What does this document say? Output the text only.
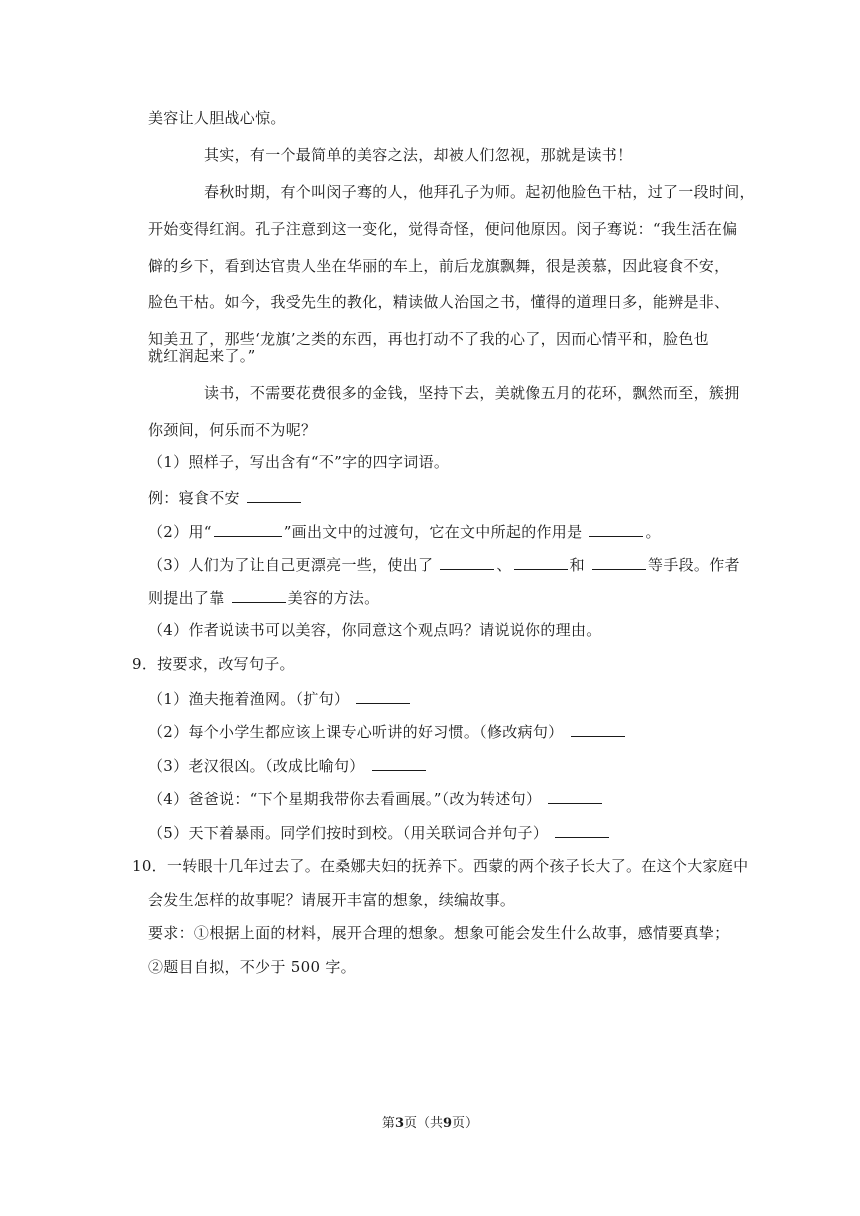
美容让人胆战心惊。
其实，有一个最简单的美容之法，却被人们忽视，那就是读书！
春秋时期，有个叫闵子骞的人，他拜孔子为师。起初他脸色干枯，过了一段时间，
开始变得红润。孔子注意到这一变化，觉得奇怪，便问他原因。闵子骞说：“我生活在偏
僻的乡下，看到达官贵人坐在华丽的车上，前后龙旗飘舞，很是羡慕，因此寝食不安，
脸色干枯。如今，我受先生的教化，精读做人治国之书，懂得的道理日多，能辨是非、
知美丑了，那些‘龙旗’之类的东西，再也打动不了我的心了，因而心情平和，脸色也
就红润起来了。”
读书，不需要花费很多的金钱，坚持下去，美就像五月的花环，飘然而至，簇拥
你颈间，何乐而不为呢？
（1）照样子，写出含有“不”字的四字词语。
例：寝食不安
（2）用“	”画出文中的过渡句，它在文中所起的作用是	。
（3）人们为了让自己更漂亮一些，使出了	、	和	等手段。作者
则提出了靠	美容的方法。
（4）作者说读书可以美容，你同意这个观点吗？请说说你的理由。
9．按要求，改写句子。
（1）渔夫拖着渔网。（扩句）
（2）每个小学生都应该上课专心听讲的好习惯。（修改病句）
（3）老汉很凶。（改成比喻句）
（4）爸爸说：“下个星期我带你去看画展。”（改为转述句）
（5）天下着暴雨。同学们按时到校。（用关联词合并句子）
10．一转眼十几年过去了。在桑娜夫妇的抚养下。西蒙的两个孩子长大了。在这个大家庭中
会发生怎样的故事呢？请展开丰富的想象，续编故事。
要求：①根据上面的材料，展开合理的想象。想象可能会发生什么故事，感情要真挚；
②题目自拟，不少于 500 字。
第3页（共9页）
